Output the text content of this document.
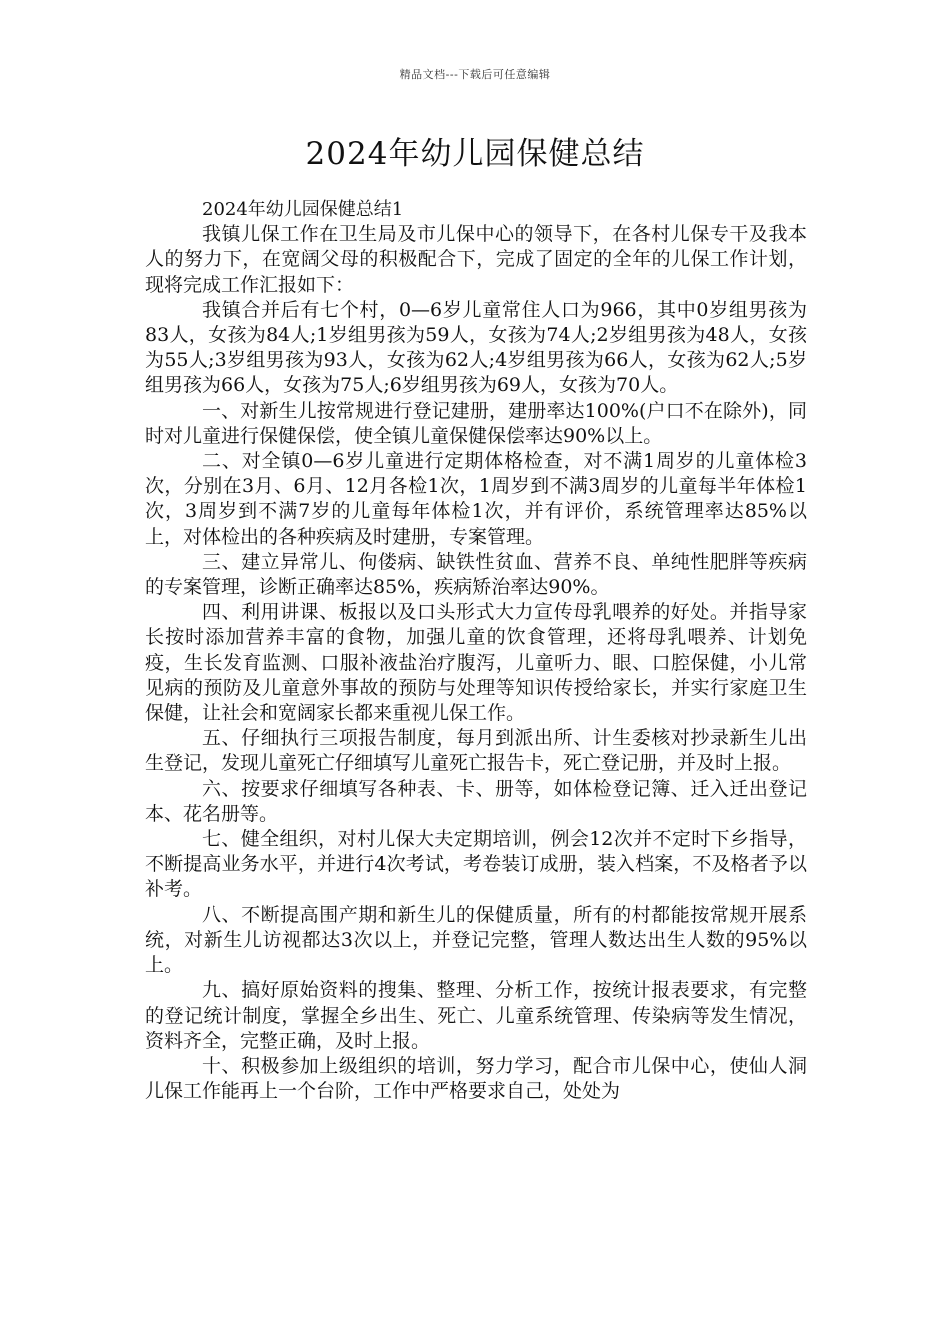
精品文档---下载后可任意编辑
2024年幼儿园保健总结

2024年幼儿园保健总结1

我镇儿保工作在卫生局及市儿保中心的领导下，在各村儿保专干及我本人的努力下，在宽阔父母的积极配合下，完成了固定的全年的儿保工作计划，现将完成工作汇报如下：

我镇合并后有七个村，0—6岁儿童常住人口为966，其中0岁组男孩为83人，女孩为84人;1岁组男孩为59人，女孩为74人;2岁组男孩为48人，女孩为55人;3岁组男孩为93人，女孩为62人;4岁组男孩为66人，女孩为62人;5岁组男孩为66人，女孩为75人;6岁组男孩为69人，女孩为70人。

一、对新生儿按常规进行登记建册，建册率达100%(户口不在除外)，同时对儿童进行保健保偿，使全镇儿童保健保偿率达90%以上。

二、对全镇0—6岁儿童进行定期体格检查，对不满1周岁的儿童体检3次，分别在3月、6月、12月各检1次，1周岁到不满3周岁的儿童每半年体检1次，3周岁到不满7岁的儿童每年体检1次，并有评价，系统管理率达85%以上，对体检出的各种疾病及时建册，专案管理。

三、建立异常儿、佝偻病、缺铁性贫血、营养不良、单纯性肥胖等疾病的专案管理，诊断正确率达85%，疾病矫治率达90%。

四、利用讲课、板报以及口头形式大力宣传母乳喂养的好处。并指导家长按时添加营养丰富的食物，加强儿童的饮食管理，还将母乳喂养、计划免疫，生长发育监测、口服补液盐治疗腹泻，儿童听力、眼、口腔保健，小儿常见病的预防及儿童意外事故的预防与处理等知识传授给家长，并实行家庭卫生保健，让社会和宽阔家长都来重视儿保工作。

五、仔细执行三项报告制度，每月到派出所、计生委核对抄录新生儿出生登记，发现儿童死亡仔细填写儿童死亡报告卡，死亡登记册，并及时上报。

六、按要求仔细填写各种表、卡、册等，如体检登记簿、迁入迁出登记本、花名册等。

七、健全组织，对村儿保大夫定期培训，例会12次并不定时下乡指导，不断提高业务水平，并进行4次考试，考卷装订成册，装入档案，不及格者予以补考。

八、不断提高围产期和新生儿的保健质量，所有的村都能按常规开展系统，对新生儿访视都达3次以上，并登记完整，管理人数达出生人数的95%以上。

九、搞好原始资料的搜集、整理、分析工作，按统计报表要求，有完整的登记统计制度，掌握全乡出生、死亡、儿童系统管理、传染病等发生情况，资料齐全，完整正确，及时上报。

十、积极参加上级组织的培训，努力学习，配合市儿保中心，使仙人洞儿保工作能再上一个台阶，工作中严格要求自己，处处为
